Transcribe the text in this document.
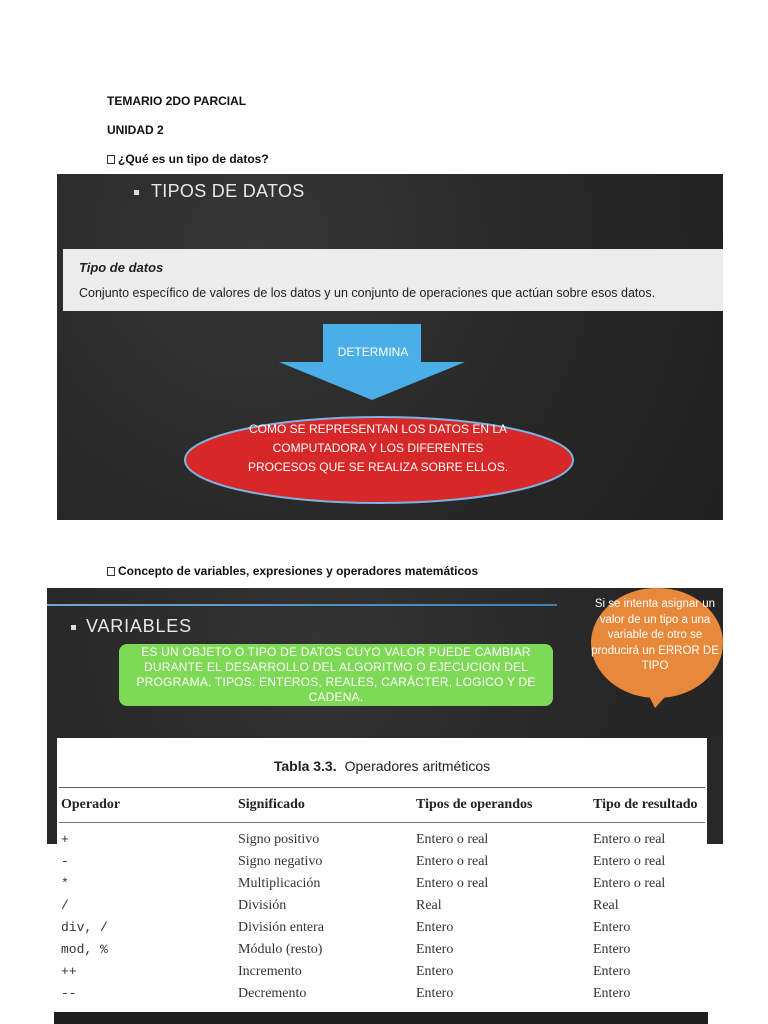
TEMARIO 2DO PARCIAL
UNIDAD 2
¿Qué es un tipo de datos?
TIPOS DE DATOS
Tipo de datos
Conjunto específico de valores de los datos y un conjunto de operaciones que actúan sobre esos datos.
DETERMINA
COMO SE REPRESENTAN LOS DATOS EN LA COMPUTADORA Y LOS DIFERENTES PROCESOS QUE SE REALIZA SOBRE ELLOS.
Concepto de variables, expresiones y operadores matemáticos
VARIABLES
ES UN OBJETO O TIPO DE DATOS CUYO VALOR PUEDE CAMBIAR DURANTE EL DESARROLLO DEL ALGORITMO O EJECUCION DEL PROGRAMA. TIPOS: ENTEROS, REALES, CARÁCTER, LOGICO Y DE CADENA.
Si se intenta asignar un valor de un tipo a una variable de otro se producirá un ERROR DE TIPO
Tabla 3.3. Operadores aritméticos
Operador	Significado	Tipos de operandos	Tipo de resultado
+	Signo positivo	Entero o real	Entero o real
-	Signo negativo	Entero o real	Entero o real
*	Multiplicación	Entero o real	Entero o real
/	División	Real	Real
div, /	División entera	Entero	Entero
mod, %	Módulo (resto)	Entero	Entero
++	Incremento	Entero	Entero
--	Decremento	Entero	Entero
